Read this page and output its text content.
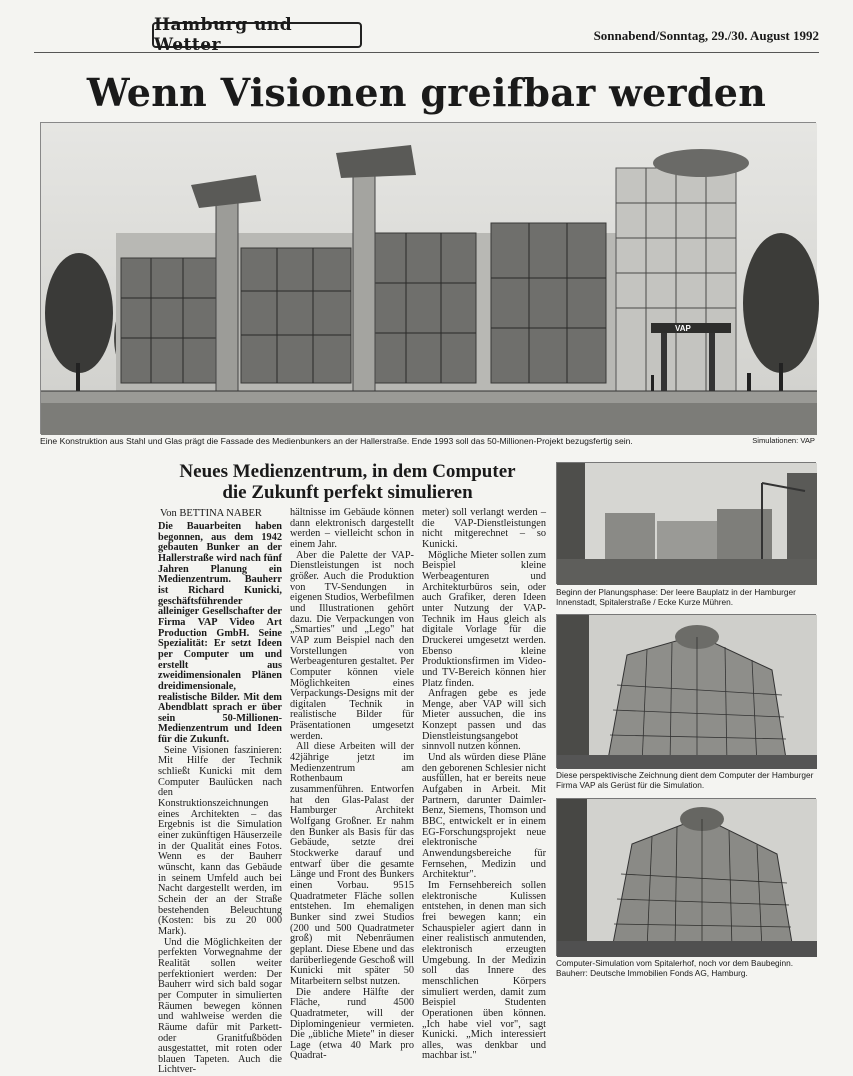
Hamburg und Wetter	Sonnabend/Sonntag, 29./30. August 1992
Wenn Visionen greifbar werden
VAP
Eine Konstruktion aus Stahl und Glas prägt die Fassade des Medienbunkers an der Hallerstraße. Ende 1993 soll das 50-Millionen-Projekt bezugsfertig sein.	Simulationen: VAP
Neues Medienzentrum, in dem Computer
die Zukunft perfekt simulieren
Von BETTINA NABER

Die Bauarbeiten haben begonnen, aus dem 1942 gebauten Bunker an der Hallerstraße wird nach fünf Jahren Planung ein Medienzentrum. Bauherr ist Richard Kunicki, geschäftsführender alleiniger Gesellschafter der Firma VAP Video Art Production GmbH. Seine Spezialität: Er setzt Ideen per Computer um und erstellt aus zweidimensionalen Plänen dreidimensionale, realistische Bilder. Mit dem Abendblatt sprach er über sein 50-Millionen-Medienzentrum und Ideen für die Zukunft.

Seine Visionen faszinieren: Mit Hilfe der Technik schließt Kunicki mit dem Computer Baulücken nach den Konstruktionszeichnungen eines Architekten – das Ergebnis ist die Simulation einer zukünftigen Häuserzeile in der Qualität eines Fotos. Wenn es der Bauherr wünscht, kann das Gebäude in seinem Umfeld auch bei Nacht dargestellt werden, im Schein der an der Straße bestehenden Beleuchtung (Kosten: bis zu 20 000 Mark).

Und die Möglichkeiten der perfekten Vorwegnahme der Realität sollen weiter perfektioniert werden: Der Bauherr wird sich bald sogar per Computer in simulierten Räumen bewegen können und wahlweise werden die Räume dafür mit Parkett- oder Granitfußböden ausgestattet, mit roten oder blauen Tapeten. Auch die Lichtver-

hältnisse im Gebäude können dann elektronisch dargestellt werden – vielleicht schon in einem Jahr.

Aber die Palette der VAP-Dienstleistungen ist noch größer. Auch die Produktion von TV-Sendungen in eigenen Studios, Werbefilmen und Illustrationen gehört dazu. Die Verpackungen von „Smarties" und „Lego" hat VAP zum Beispiel nach den Vorstellungen von Werbeagenturen gestaltet. Per Computer können viele Möglichkeiten eines Verpackungs-Designs mit der digitalen Technik in realistische Bilder für Präsentationen umgesetzt werden.

All diese Arbeiten will der 42jährige jetzt im Medienzentrum am Rothenbaum zusammenführen. Entworfen hat den Glas-Palast der Hamburger Architekt Wolfgang Großner. Er nahm den Bunker als Basis für das Gebäude, setzte drei Stockwerke darauf und entwarf über die gesamte Länge und Front des Bunkers einen Vorbau. 9515 Quadratmeter Fläche sollen entstehen. Im ehemaligen Bunker sind zwei Studios (200 und 500 Quadratmeter groß) mit Nebenräumen geplant. Diese Ebene und das darüberliegende Geschoß will Kunicki mit später 50 Mitarbeitern selbst nutzen.

Die andere Hälfte der Fläche, rund 4500 Quadratmeter, will der Diplomingenieur vermieten. Die „übliche Miete" in dieser Lage (etwa 40 Mark pro Quadrat-

meter) soll verlangt werden – die VAP-Dienstleistungen nicht mitgerechnet – so Kunicki.

Mögliche Mieter sollen zum Beispiel kleine Werbeagenturen und Architekturbüros sein, oder auch Grafiker, deren Ideen unter Nutzung der VAP-Technik im Haus gleich als digitale Vorlage für die Druckerei umgesetzt werden. Ebenso kleine Produktionsfirmen im Video- und TV-Bereich können hier Platz finden.

Anfragen gebe es jede Menge, aber VAP will sich Mieter aussuchen, die ins Konzept passen und das Dienstleistungsangebot sinnvoll nutzen können.

Und als würden diese Pläne den geborenen Schlesier nicht ausfüllen, hat er bereits neue Aufgaben in Arbeit. Mit Partnern, darunter Daimler-Benz, Siemens, Thomson und BBC, entwickelt er in einem EG-Forschungsprojekt neue elektronische Anwendungsbereiche für Fernsehen, Medizin und Architektur".

Im Fernsehbereich sollen elektronische Kulissen entstehen, in denen man sich frei bewegen kann; ein Schauspieler agiert dann in einer realistisch anmutenden, elektronisch erzeugten Umgebung. In der Medizin soll das Innere des menschlichen Körpers simuliert werden, damit zum Beispiel Studenten Operationen üben können. „Ich habe viel vor", sagt Kunicki. „Mich interessiert alles, was denkbar und machbar ist."

Beginn der Planungsphase: Der leere Bauplatz in der Hamburger Innenstadt, Spitalerstraße / Ecke Kurze Mühren.
Diese perspektivische Zeichnung dient dem Computer der Hamburger Firma VAP als Gerüst für die Simulation.
Computer-Simulation vom Spitalerhof, noch vor dem Baubeginn. Bauherr: Deutsche Immobilien Fonds AG, Hamburg.
